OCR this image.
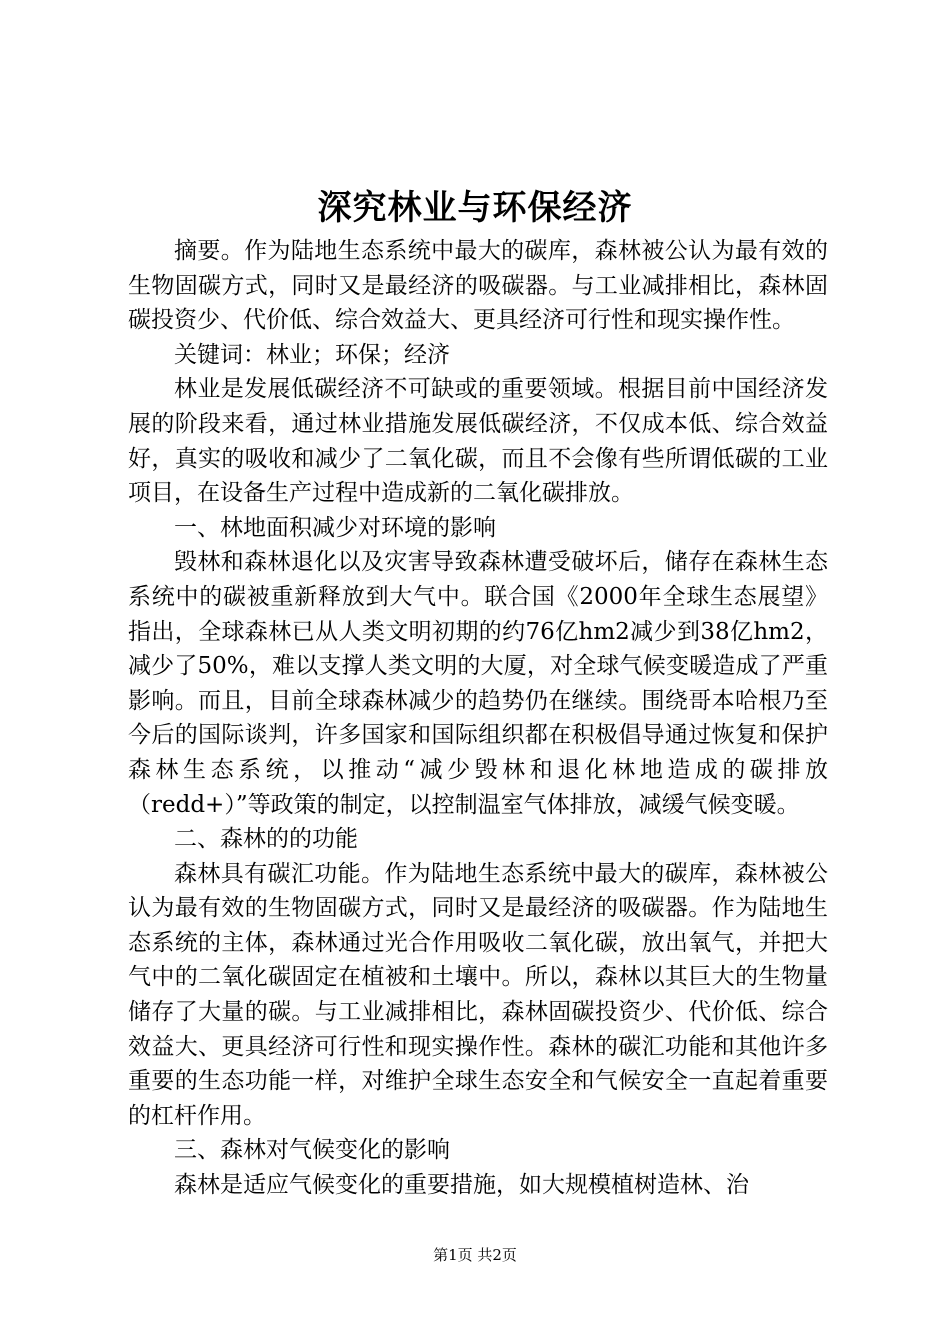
深究林业与环保经济

摘要。作为陆地生态系统中最大的碳库，森林被公认为最有效的生物固碳方式，同时又是最经济的吸碳器。与工业减排相比，森林固碳投资少、代价低、综合效益大、更具经济可行性和现实操作性。

关键词：林业；环保；经济

林业是发展低碳经济不可缺或的重要领域。根据目前中国经济发展的阶段来看，通过林业措施发展低碳经济，不仅成本低、综合效益好，真实的吸收和减少了二氧化碳，而且不会像有些所谓低碳的工业项目，在设备生产过程中造成新的二氧化碳排放。

一、林地面积减少对环境的影响

毁林和森林退化以及灾害导致森林遭受破坏后，储存在森林生态系统中的碳被重新释放到大气中。联合国《2000年全球生态展望》指出，全球森林已从人类文明初期的约76亿hm2减少到38亿hm2，减少了50%，难以支撑人类文明的大厦，对全球气候变暖造成了严重影响。而且，目前全球森林减少的趋势仍在继续。围绕哥本哈根乃至今后的国际谈判，许多国家和国际组织都在积极倡导通过恢复和保护森林生态系统，以推动“减少毁林和退化林地造成的碳排放（redd+）”等政策的制定，以控制温室气体排放，减缓气候变暖。

二、森林的的功能

森林具有碳汇功能。作为陆地生态系统中最大的碳库，森林被公认为最有效的生物固碳方式，同时又是最经济的吸碳器。作为陆地生态系统的主体，森林通过光合作用吸收二氧化碳，放出氧气，并把大气中的二氧化碳固定在植被和土壤中。所以，森林以其巨大的生物量储存了大量的碳。与工业减排相比，森林固碳投资少、代价低、综合效益大、更具经济可行性和现实操作性。森林的碳汇功能和其他许多重要的生态功能一样，对维护全球生态安全和气候安全一直起着重要的杠杆作用。

三、森林对气候变化的影响

森林是适应气候变化的重要措施，如大规模植树造林、治

第1页 共2页
